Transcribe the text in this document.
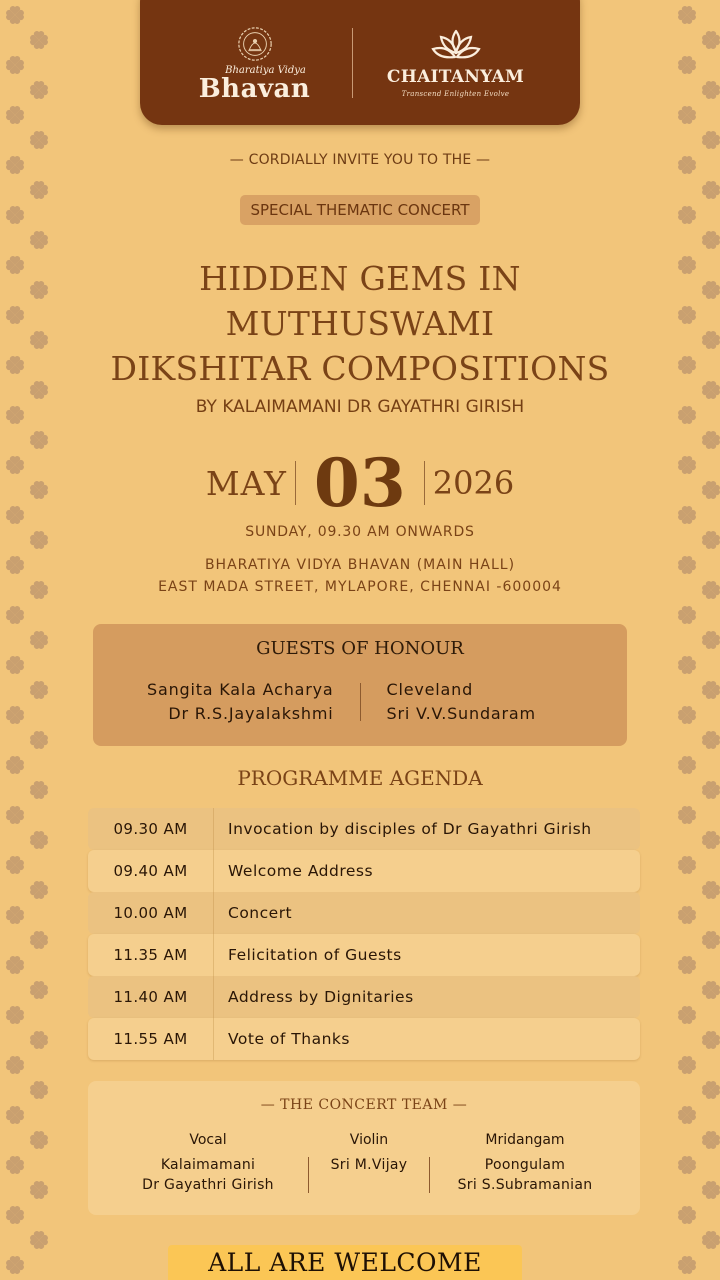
Bharatiya Vidya
Bhavan	CHAITANYAM
Transcend Enlighten Evolve
— CORDIALLY INVITE YOU TO THE —
SPECIAL THEMATIC CONCERT
HIDDEN GEMS IN
MUTHUSWAMI
DIKSHITAR COMPOSITIONS
BY KALAIMAMANI DR GAYATHRI GIRISH
MAY 03 2026
SUNDAY, 09.30 AM ONWARDS
BHARATIYA VIDYA BHAVAN (MAIN HALL)
EAST MADA STREET, MYLAPORE, CHENNAI -600004
GUESTS OF HONOUR
Sangita Kala Acharya
Dr R.S.Jayalakshmi
Cleveland
Sri V.V.Sundaram
PROGRAMME AGENDA
09.30 AM	Invocation by disciples of Dr Gayathri Girish
09.40 AM	Welcome Address
10.00 AM	Concert
11.35 AM	Felicitation of Guests
11.40 AM	Address by Dignitaries
11.55 AM	Vote of Thanks
— THE CONCERT TEAM —
Vocal
Kalaimamani
Dr Gayathri Girish
Violin
Sri M.Vijay
Mridangam
Poongulam
Sri S.Subramanian
ALL ARE WELCOME
